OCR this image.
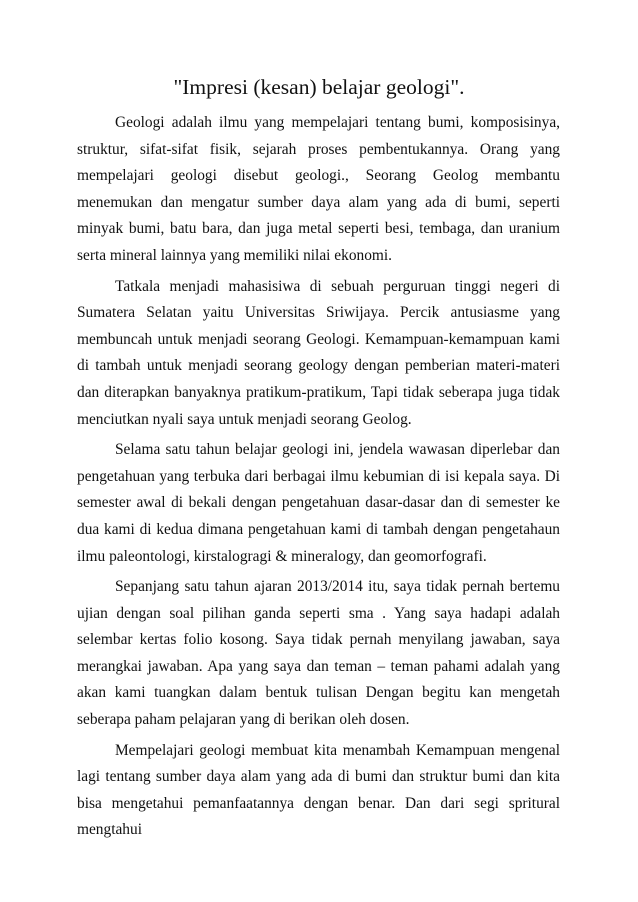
"Impresi (kesan) belajar geologi".

Geologi adalah ilmu yang mempelajari tentang bumi, komposisinya, struktur, sifat-sifat fisik, sejarah proses pembentukannya. Orang yang mempelajari geologi disebut geologi., Seorang Geolog membantu menemukan dan mengatur sumber daya alam yang ada di bumi, seperti minyak bumi, batu bara, dan juga metal seperti besi, tembaga, dan uranium serta mineral lainnya yang memiliki nilai ekonomi.

Tatkala menjadi mahasisiwa di sebuah perguruan tinggi negeri di Sumatera Selatan yaitu Universitas Sriwijaya. Percik antusiasme yang membuncah untuk menjadi seorang Geologi. Kemampuan-kemampuan kami di tambah untuk menjadi seorang geology dengan pemberian materi-materi dan diterapkan banyaknya pratikum-pratikum, Tapi tidak seberapa juga tidak menciutkan nyali saya untuk menjadi seorang Geolog.

Selama satu tahun belajar geologi ini, jendela wawasan diperlebar dan pengetahuan yang terbuka dari berbagai ilmu kebumian di isi kepala saya. Di semester awal di bekali dengan pengetahuan dasar-dasar dan di semester ke dua kami di kedua dimana pengetahuan kami di tambah dengan pengetahaun ilmu paleontologi, kirstalogragi & mineralogy, dan geomorfografi.

Sepanjang satu tahun ajaran 2013/2014 itu, saya tidak pernah bertemu ujian dengan soal pilihan ganda seperti sma . Yang saya hadapi adalah selembar kertas folio kosong. Saya tidak pernah menyilang jawaban, saya merangkai jawaban. Apa yang saya dan teman – teman pahami adalah yang akan kami tuangkan dalam bentuk tulisan Dengan begitu kan mengetah seberapa paham pelajaran yang di berikan oleh dosen.

Mempelajari geologi membuat kita menambah Kemampuan mengenal lagi tentang sumber daya alam yang ada di bumi dan struktur bumi dan kita bisa mengetahui pemanfaatannya dengan benar. Dan dari segi spritural mengtahui
